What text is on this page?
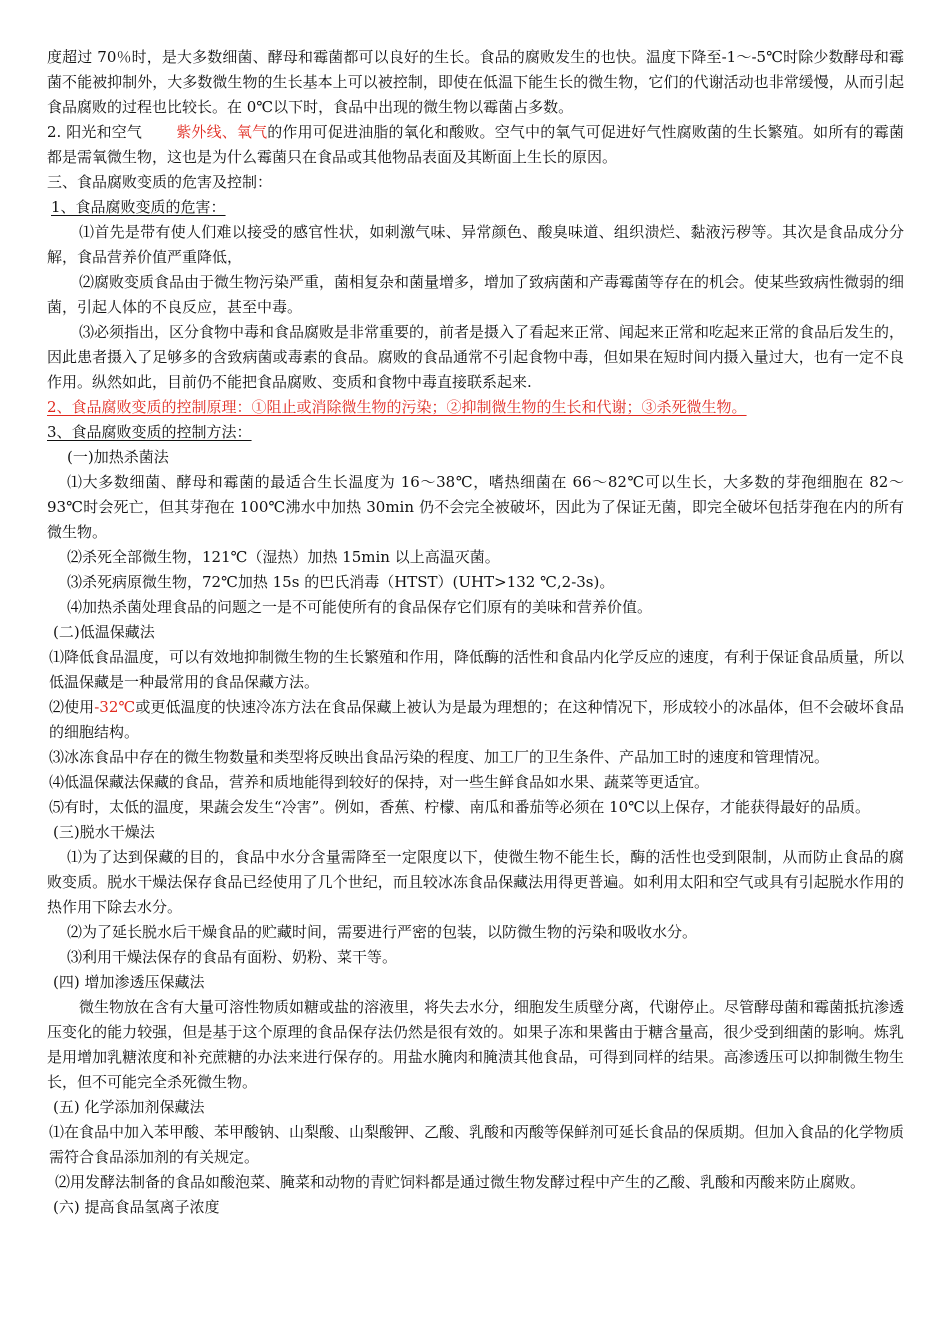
度超过 70％时，是大多数细菌、酵母和霉菌都可以良好的生长。食品的腐败发生的也快。温度下降至-1～-5℃时除少数酵母和霉菌不能被抑制外，大多数微生物的生长基本上可以被控制，即使在低温下能生长的微生物，它们的代谢活动也非常缓慢，从而引起食品腐败的过程也比较长。在 0℃以下时，食品中出现的微生物以霉菌占多数。

2. 阳光和空气 紫外线、氧气的作用可促进油脂的氧化和酸败。空气中的氧气可促进好气性腐败菌的生长繁殖。如所有的霉菌都是需氧微生物，这也是为什么霉菌只在食品或其他物品表面及其断面上生长的原因。

三、食品腐败变质的危害及控制：

1、食品腐败变质的危害：

⑴首先是带有使人们难以接受的感官性状，如刺激气味、异常颜色、酸臭味道、组织溃烂、黏液污秽等。其次是食品成分分解，食品营养价值严重降低，

⑵腐败变质食品由于微生物污染严重，菌相复杂和菌量增多，增加了致病菌和产毒霉菌等存在的机会。使某些致病性微弱的细菌，引起人体的不良反应，甚至中毒。

⑶必须指出，区分食物中毒和食品腐败是非常重要的，前者是摄入了看起来正常、闻起来正常和吃起来正常的食品后发生的，因此患者摄入了足够多的含致病菌或毒素的食品。腐败的食品通常不引起食物中毒，但如果在短时间内摄入量过大，也有一定不良作用。纵然如此，目前仍不能把食品腐败、变质和食物中毒直接联系起来.

2、食品腐败变质的控制原理：①阻止或消除微生物的污染；②抑制微生物的生长和代谢；③杀死微生物。

3、食品腐败变质的控制方法：

(一)加热杀菌法

⑴大多数细菌、酵母和霉菌的最适合生长温度为 16～38℃，嗜热细菌在 66～82℃可以生长，大多数的芽孢细胞在 82～93℃时会死亡，但其芽孢在 100℃沸水中加热 30min 仍不会完全被破坏，因此为了保证无菌，即完全破坏包括芽孢在内的所有微生物。

⑵杀死全部微生物，121℃（湿热）加热 15min 以上高温灭菌。

⑶杀死病原微生物，72℃加热 15s 的巴氏消毒（HTST）(UHT>132 ℃,2-3s)。

⑷加热杀菌处理食品的问题之一是不可能使所有的食品保存它们原有的美味和营养价值。

(二)低温保藏法

⑴降低食品温度，可以有效地抑制微生物的生长繁殖和作用，降低酶的活性和食品内化学反应的速度，有利于保证食品质量，所以低温保藏是一种最常用的食品保藏方法。

⑵使用-32℃或更低温度的快速冷冻方法在食品保藏上被认为是最为理想的；在这种情况下，形成较小的冰晶体，但不会破坏食品的细胞结构。

⑶冰冻食品中存在的微生物数量和类型将反映出食品污染的程度、加工厂的卫生条件、产品加工时的速度和管理情况。

⑷低温保藏法保藏的食品，营养和质地能得到较好的保持，对一些生鲜食品如水果、蔬菜等更适宜。

⑸有时，太低的温度，果蔬会发生“冷害”。例如，香蕉、柠檬、南瓜和番茄等必须在 10℃以上保存，才能获得最好的品质。

(三)脱水干燥法

⑴为了达到保藏的目的，食品中水分含量需降至一定限度以下，使微生物不能生长，酶的活性也受到限制，从而防止食品的腐败变质。脱水干燥法保存食品已经使用了几个世纪，而且较冰冻食品保藏法用得更普遍。如利用太阳和空气或具有引起脱水作用的热作用下除去水分。

⑵为了延长脱水后干燥食品的贮藏时间，需要进行严密的包装，以防微生物的污染和吸收水分。

⑶利用干燥法保存的食品有面粉、奶粉、菜干等。

(四) 增加渗透压保藏法

微生物放在含有大量可溶性物质如糖或盐的溶液里，将失去水分，细胞发生质壁分离，代谢停止。尽管酵母菌和霉菌抵抗渗透压变化的能力较强，但是基于这个原理的食品保存法仍然是很有效的。如果子冻和果酱由于糖含量高，很少受到细菌的影响。炼乳是用增加乳糖浓度和补充蔗糖的办法来进行保存的。用盐水腌肉和腌渍其他食品，可得到同样的结果。高渗透压可以抑制微生物生长，但不可能完全杀死微生物。

(五) 化学添加剂保藏法

⑴在食品中加入苯甲酸、苯甲酸钠、山梨酸、山梨酸钾、乙酸、乳酸和丙酸等保鲜剂可延长食品的保质期。但加入食品的化学物质需符合食品添加剂的有关规定。

⑵用发酵法制备的食品如酸泡菜、腌菜和动物的青贮饲料都是通过微生物发酵过程中产生的乙酸、乳酸和丙酸来防止腐败。

(六) 提高食品氢离子浓度
